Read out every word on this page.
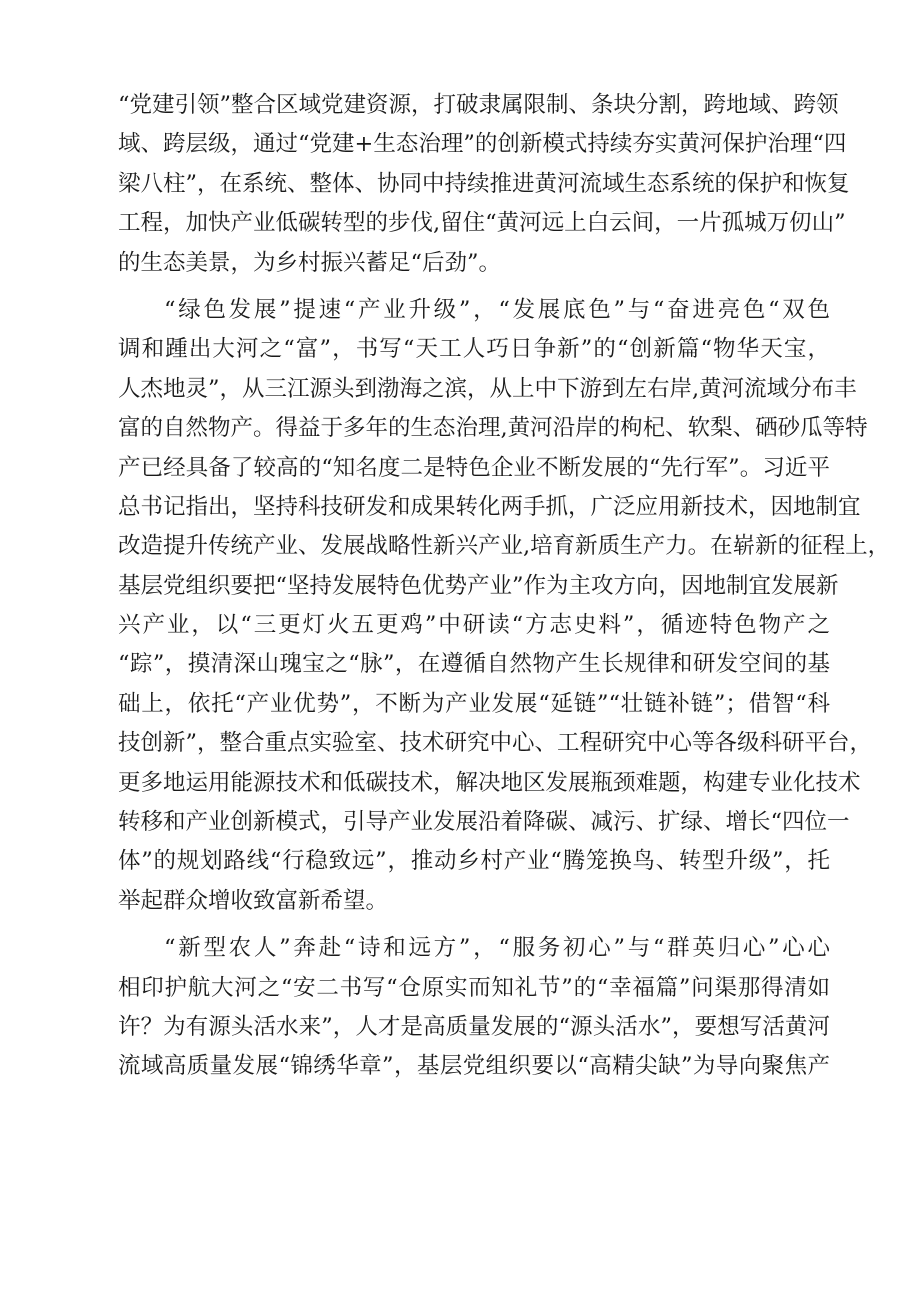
“党建引领”整合区域党建资源，打破隶属限制、条块分割，跨地域、跨领
域、跨层级，通过“党建+生态治理”的创新模式持续夯实黄河保护治理“四
梁八柱”，在系统、整体、协同中持续推进黄河流域生态系统的保护和恢复
工程，加快产业低碳转型的步伐,留住“黄河远上白云间，一片孤城万仞山”
的生态美景，为乡村振兴蓄足“后劲”。
“绿色发展”提速“产业升级”，“发展底色”与“奋进亮色“双色
调和踵出大河之“富”，书写“天工人巧日争新”的“创新篇“物华天宝，
人杰地灵”，从三江源头到渤海之滨，从上中下游到左右岸,黄河流域分布丰
富的自然物产。得益于多年的生态治理,黄河沿岸的枸杞、软梨、硒砂瓜等特
产已经具备了较高的“知名度二是特色企业不断发展的“先行军”。习近平
总书记指出，坚持科技研发和成果转化两手抓，广泛应用新技术，因地制宜
改造提升传统产业、发展战略性新兴产业,培育新质生产力。在崭新的征程上，
基层党组织要把“坚持发展特色优势产业”作为主攻方向，因地制宜发展新
兴产业，以“三更灯火五更鸡”中研读“方志史料”，循迹特色物产之
“踪”，摸清深山瑰宝之“脉”，在遵循自然物产生长规律和研发空间的基
础上，依托“产业优势”，不断为产业发展“延链”“壮链补链”；借智“科
技创新”，整合重点实验室、技术研究中心、工程研究中心等各级科研平台，
更多地运用能源技术和低碳技术，解决地区发展瓶颈难题，构建专业化技术
转移和产业创新模式，引导产业发展沿着降碳、减污、扩绿、增长“四位一
体”的规划路线“行稳致远”，推动乡村产业“腾笼换鸟、转型升级”，托
举起群众增收致富新希望。
“新型农人”奔赴“诗和远方”，“服务初心”与“群英归心”心心
相印护航大河之“安二书写“仓原实而知礼节”的“幸福篇”问渠那得清如
许？为有源头活水来”，人才是高质量发展的“源头活水”，要想写活黄河
流域高质量发展“锦绣华章”，基层党组织要以“高精尖缺”为导向聚焦产
